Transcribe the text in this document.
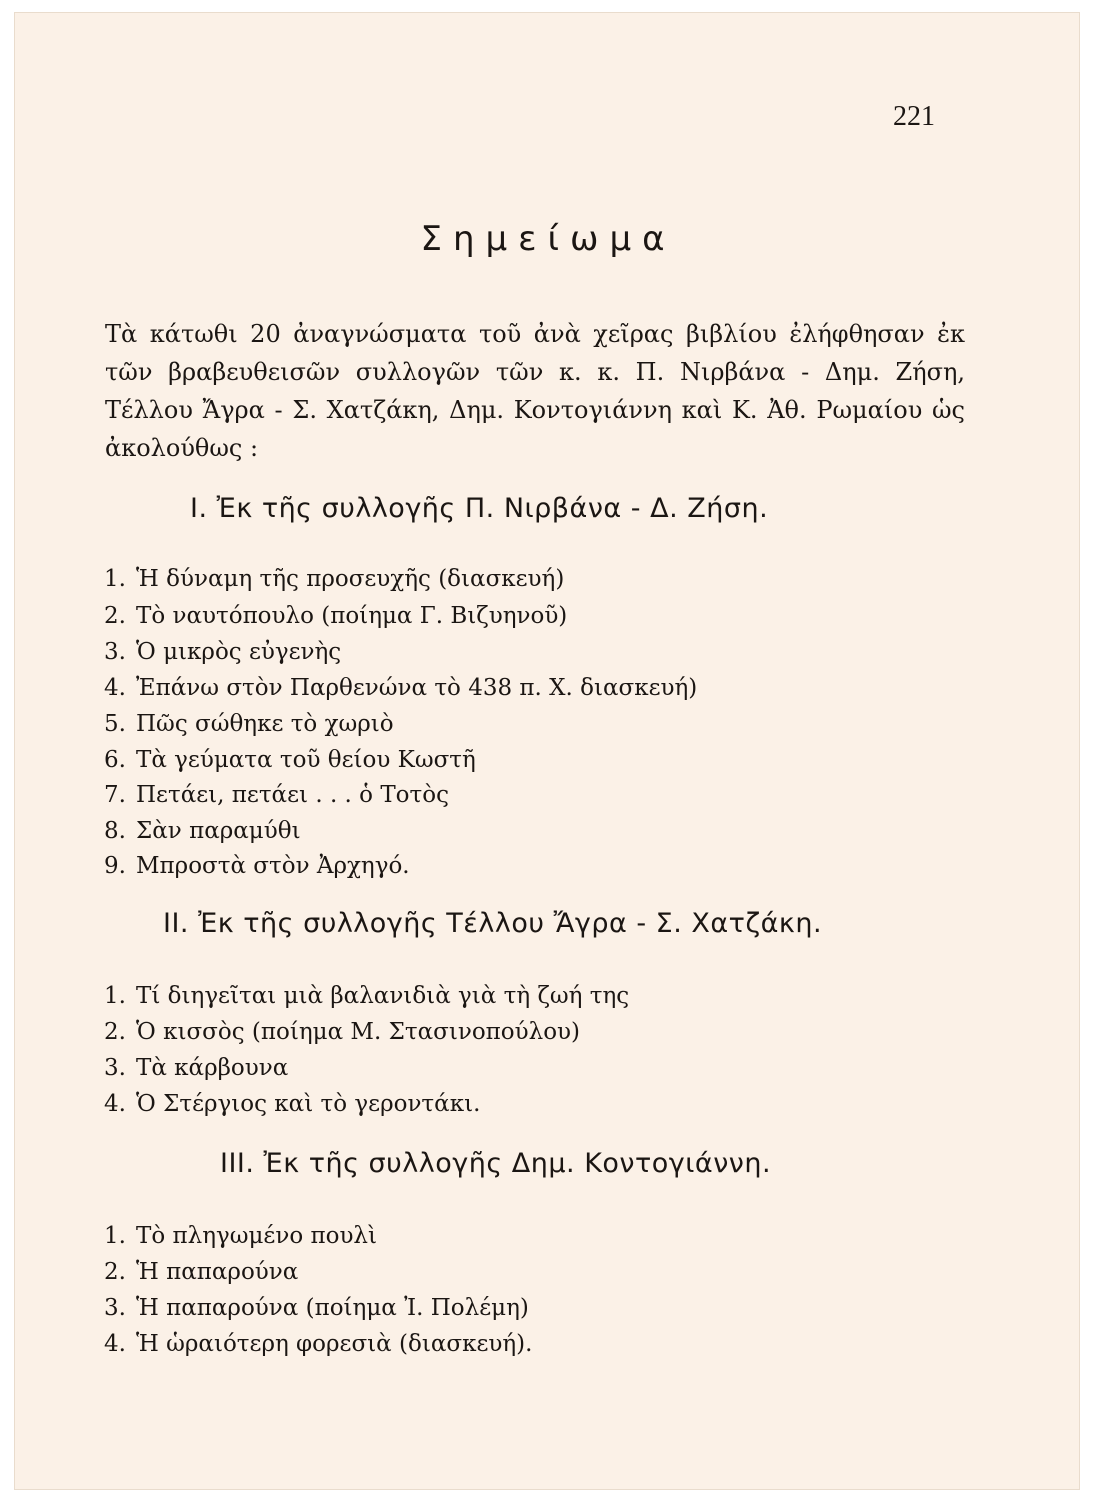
221
Σημείωμα

Τὰ κάτωθι 20 ἀναγνώσματα τοῦ ἀνὰ χεῖρας βιβλίου ἐλήφθησαν ἐκ τῶν βραβευθεισῶν συλλογῶν τῶν κ. κ. Π. Νιρβάνα - Δημ. Ζήση, Τέλλου Ἄγρα - Σ. Χατζάκη, Δημ. Κοντογιάννη καὶ Κ. Ἀθ. Ρωμαίου ὡς ἀκολούθως :

I. Ἐκ τῆς συλλογῆς Π. Νιρβάνα - Δ. Ζήση.
1. Ἡ δύναμη τῆς προσευχῆς (διασκευή)
2. Τὸ ναυτόπουλο (ποίημα Γ. Βιζυηνοῦ)
3. Ὁ μικρὸς εὐγενὴς
4. Ἐπάνω στὸν Παρθενώνα τὸ 438 π. Χ. διασκευή)
5. Πῶς σώθηκε τὸ χωριὸ
6. Τὰ γεύματα τοῦ θείου Κωστῆ
7. Πετάει, πετάει . . . ὁ Τοτὸς
8. Σὰν παραμύθι
9. Μπροστὰ στὸν Ἀρχηγό.
II. Ἐκ τῆς συλλογῆς Τέλλου Ἄγρα - Σ. Χατζάκη.
1. Τί διηγεῖται μιὰ βαλανιδιὰ γιὰ τὴ ζωή της
2. Ὁ κισσὸς (ποίημα Μ. Στασινοπούλου)
3. Τὰ κάρβουνα
4. Ὁ Στέργιος καὶ τὸ γεροντάκι.
III. Ἐκ τῆς συλλογῆς Δημ. Κοντογιάννη.
1. Τὸ πληγωμένο πουλὶ
2. Ἡ παπαρούνα
3. Ἡ παπαρούνα (ποίημα Ἰ. Πολέμη)
4. Ἡ ὡραιότερη φορεσιὰ (διασκευή).
